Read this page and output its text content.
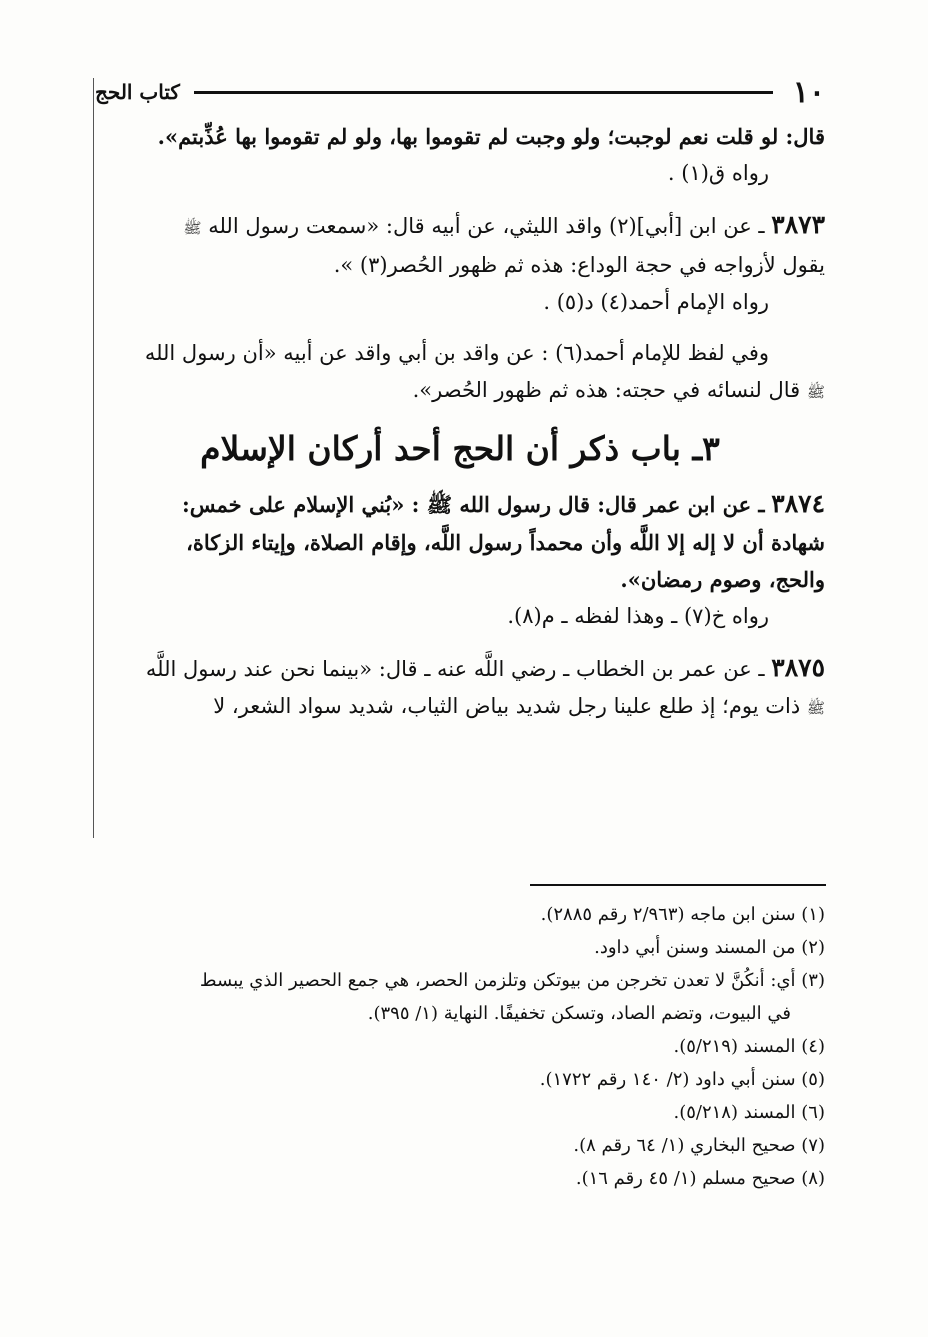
١٠
كتاب الحج
قال: لو قلت نعم لوجبت؛ ولو وجبت لم تقوموا بها، ولو لم تقوموا بها عُذِّبتم».
رواه ق(١) .
٣٨٧٣ ـ عن ابن [أبي](٢) واقد الليثي، عن أبيه قال: «سمعت رسول الله ﷺ
يقول لأزواجه في حجة الوداع: هذه ثم ظهور الحُصر(٣) ».
رواه الإمام أحمد(٤) د(٥) .
وفي لفظ للإمام أحمد(٦) : عن واقد بن أبي واقد عن أبيه «أن رسول الله
ﷺ قال لنسائه في حجته: هذه ثم ظهور الحُصر».
٣ـ باب ذكر أن الحج أحد أركان الإسلام
٣٨٧٤ ـ عن ابن عمر قال: قال رسول الله ﷺ : «بُني الإسلام على خمس:
شهادة أن لا إله إلا اللَّه وأن محمداً رسول اللَّه، وإقام الصلاة، وإيتاء الزكاة،
والحج، وصوم رمضان».
رواه خ(٧) ـ وهذا لفظه ـ م(٨).
٣٨٧٥ ـ عن عمر بن الخطاب ـ رضي اللَّه عنه ـ قال: «بينما نحن عند رسول اللَّه
ﷺ ذات يوم؛ إذ طلع علينا رجل شديد بياض الثياب، شديد سواد الشعر، لا
(١) سنن ابن ماجه (٢/٩٦٣ رقم ٢٨٨٥).
(٢) من المسند وسنن أبي داود.
(٣) أي: أنكُنَّ لا تعدن تخرجن من بيوتكن وتلزمن الحصر، هي جمع الحصير الذي يبسط
في البيوت، وتضم الصاد، وتسكن تخفيفًا. النهاية (١/ ٣٩٥).
(٤) المسند (٥/٢١٩).
(٥) سنن أبي داود (٢/ ١٤٠ رقم ١٧٢٢).
(٦) المسند (٥/٢١٨).
(٧) صحيح البخاري (١/ ٦٤ رقم ٨).
(٨) صحيح مسلم (١/ ٤٥ رقم ١٦).
